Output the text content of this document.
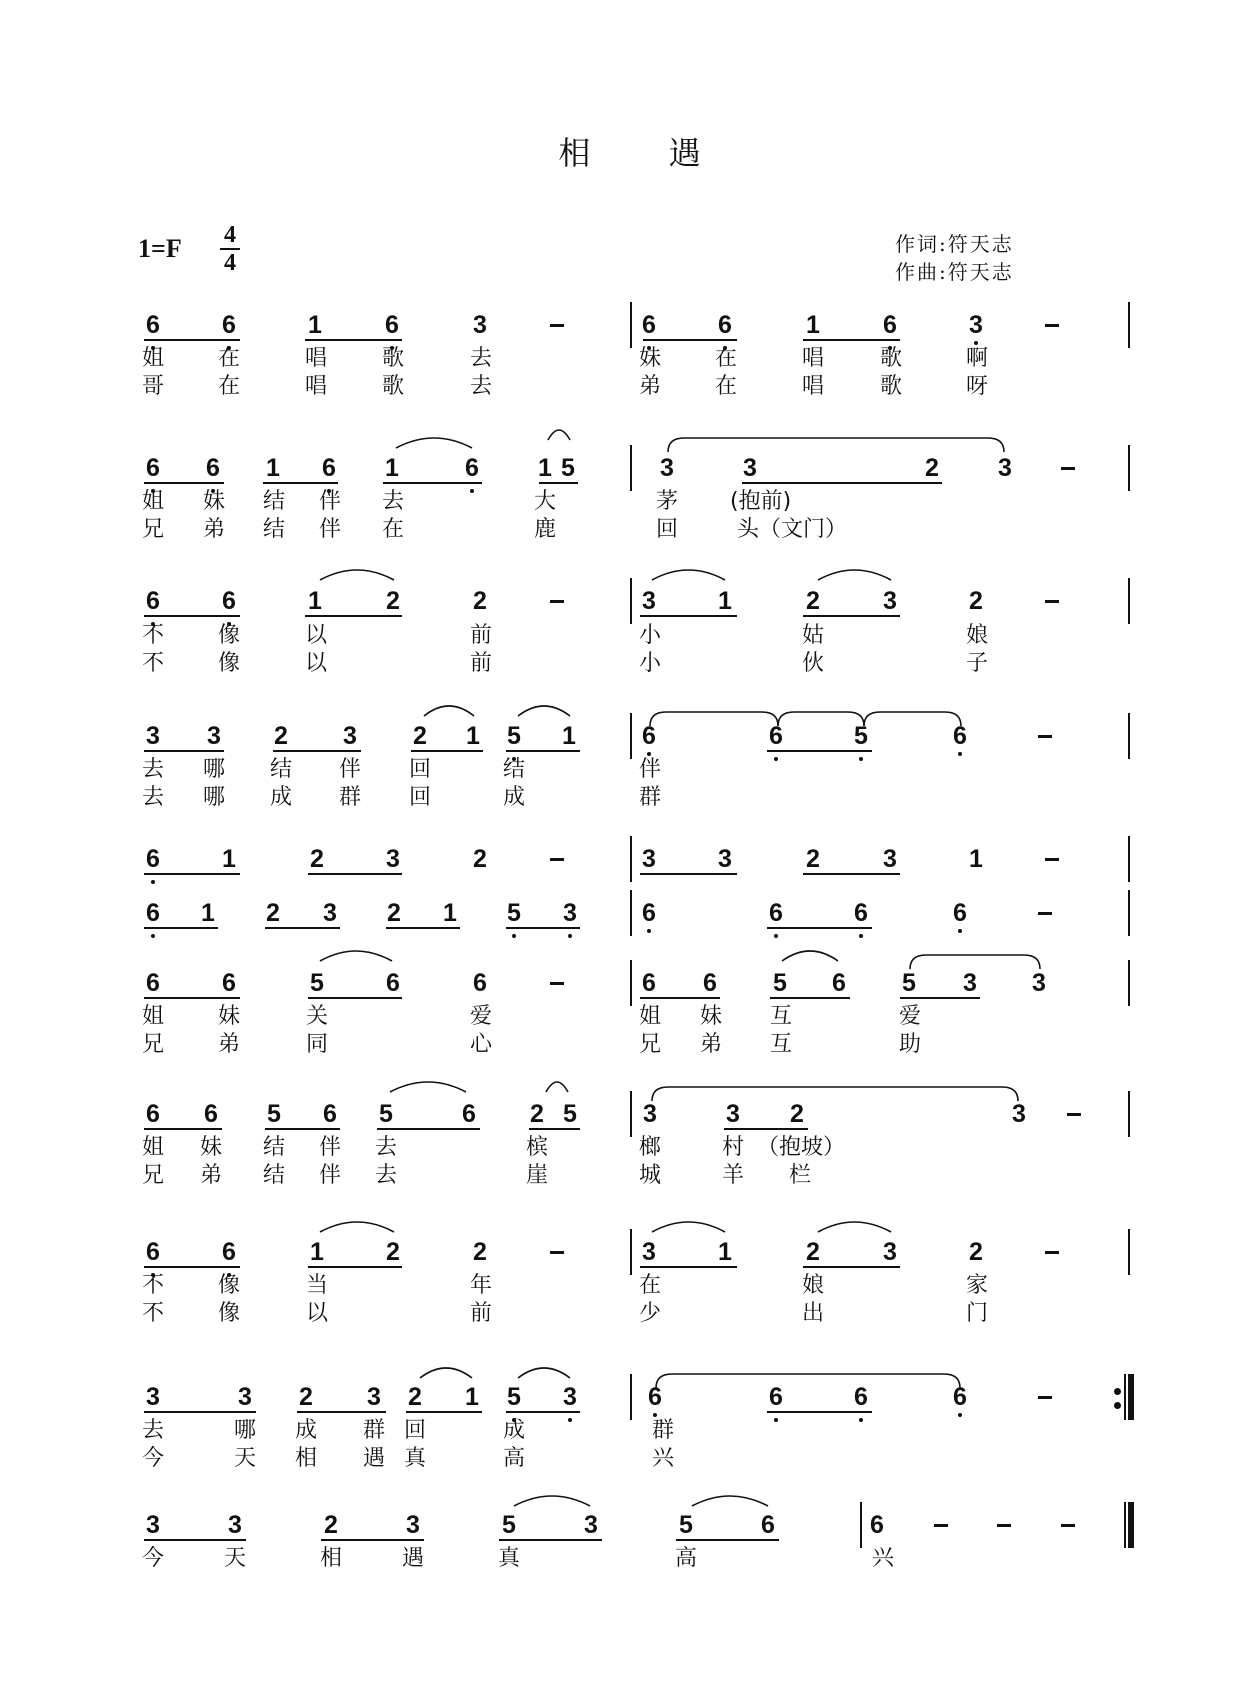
相 遇
1=F 4
4
作词:符天志
作曲:符天志
6 6	1	6	3	6 6	1	6	3
姐 在	唱 歌	去	妹 在	唱	歌	啊
哥 在	唱 歌	去	弟 在	唱	歌	呀
6 6 1 6 1	6 1 5	3	3	2 3
姐 妹 结 伴 去	大	茅 (抱前)
兄 弟 结 伴 在	鹿	回	头（文门）
6 6	1	2	2	3 1	2	3	2
不 像	以	前	小	姑	娘
不 像	以	前	小	伙	子
3 3 2 3 2 1 5 1	6	6	5	6
去 哪 结 伴 回	结	伴
去 哪 成 群 回	成	群
6 1	2 3	2	3 3	2	3	1
6 1 2 3 2 1 5 3	6	6	6	6
6 6	5 6	6	6 6 5 6 5 3 3
姐 妹	关	爱	姐 妹 互	爱
兄 弟	同	心	兄 弟 互	助
6 6 5 6 5	6 2 5	3	3 2	3
姐 妹 结 伴 去	槟	榔	村 （抱坡）
兄 弟 结 伴 去	崖	城	羊 栏
6 6	1 2	2	3 1	2	3	2
不 像	当	年	在	娘	家
不 像	以	前	少	出	门
3	3 2 3 2 1 5 3	6	6	6	6
去	哪 成 群 回	成	群
今	天 相 遇 真	高	兴
3	3	2	3	5	3	5	6	6
今	天	相	遇	真	高	兴
